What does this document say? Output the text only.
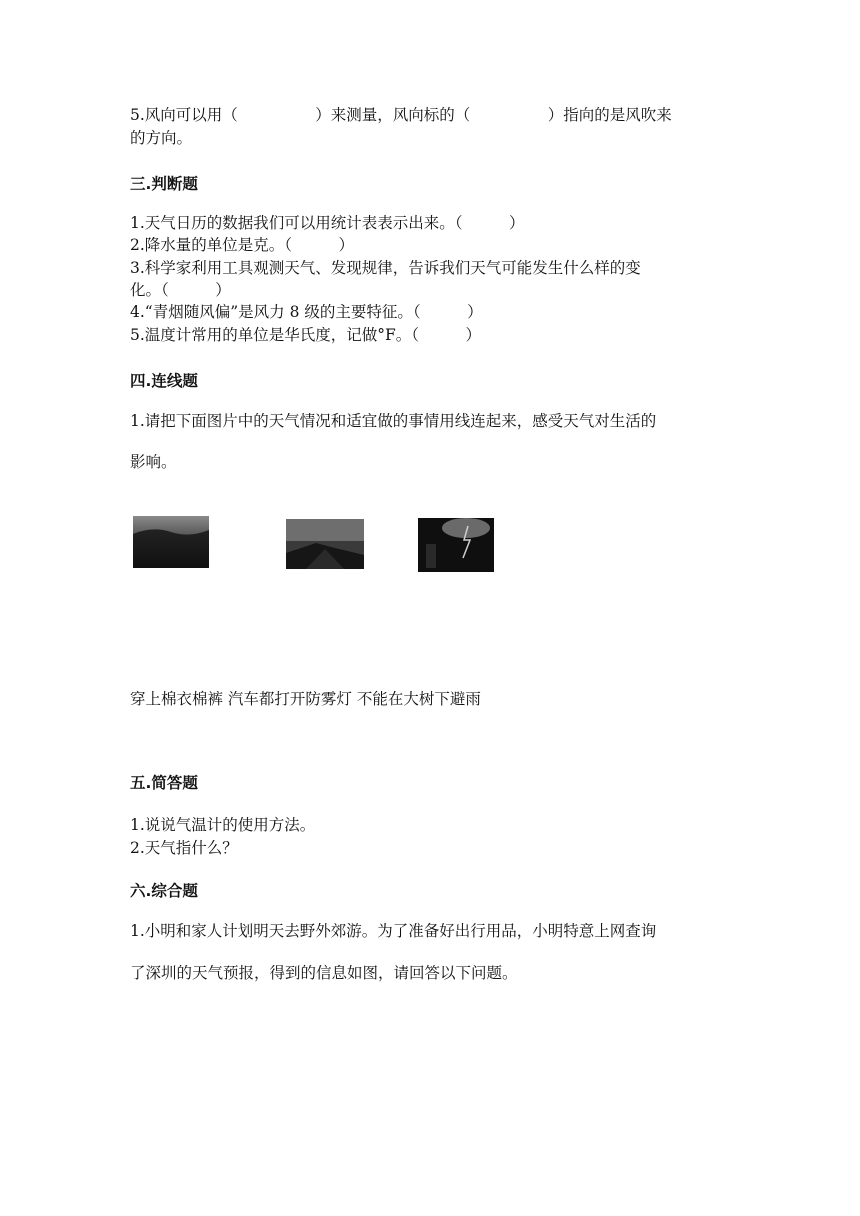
5.风向可以用（　　　　　）来测量，风向标的（　　　　　）指向的是风吹来
的方向。
三.判断题
1.天气日历的数据我们可以用统计表表示出来。（　　　）
2.降水量的单位是克。（　　　）
3.科学家利用工具观测天气、发现规律，告诉我们天气可能发生什么样的变
化。（　　　）
4.“青烟随风偏”是风力 8 级的主要特征。（　　　）
5.温度计常用的单位是华氏度，记做°F。（　　　）
四.连线题
1.请把下面图片中的天气情况和适宜做的事情用线连起来，感受天气对生活的
影响。
穿上棉衣棉裤 汽车都打开防雾灯 不能在大树下避雨
五.简答题
1.说说气温计的使用方法。
2.天气指什么？
六.综合题
1.小明和家人计划明天去野外郊游。为了准备好出行用品，小明特意上网查询
了深圳的天气预报，得到的信息如图，请回答以下问题。
